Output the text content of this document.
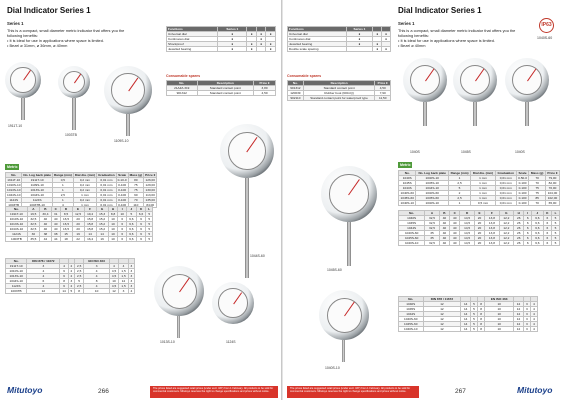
Dial Indicator Series 1
Series 1
This is a compact, small diameter metric indicator that offers you the following benefits:
• It is ideal for use in applications where space is limited.
• Bezel ø 31mm, ø 36mm, ø 40mm
1911T-10
1003TB
1109S-10
Functions	Series 1			
Universal dial	●	●	●	●
Continuous dial	●		●	
Shockproof	●	●	●	●
Jewelled bearing	●	●		●
Consumable spares
No.	Description	Price €
21AZA 319	Standard contact point	3,80
901312	Standard contact point	4,50
1044S-60
1013S-10	1124S
Metric
No.	No. Lug back plate	Range (mm)	Dial dia. (mm)	Graduation	Scale	Mass (g)	Price €
1911T-10	1911T-10	0,5	0,2 mm	0,01 mm	0-10-0	80	126,00
1010S-10	1109S-10	1	0,2 mm	0,01 mm	0-100	75	129,00
1013S-10	1013S-10	1	0,2 mm	0,01 mm	0-100	75	130,00
1044S-10	1044S-10	2,5	1 mm	0,01 mm	0-100	90	113,00
1124S	1124S	1	0,2 mm	0,01 mm	0-100	70	135,00
1003TB	1003TB-10	4	1 mm	0,01 mm	0-100	110	84,00
No.	A	B	C	D	E	F	G	H	I	J	K	L
1911T-10	19,5	30,4	31	8,5	12,5	19,4	15,3	8,8	10	5	6,6	5
1010S-10	32,5	40	40	16,5	20	15,8	15,2	10	6	6,6	6	5
1013S-10	32,5	40	40	16,5	20	15,8	15,2	10	6	6,6	6	5
1044S-10	32,5	40	40	16,5	20	15,8	15,2	10	6	6,6	6	5
1124S	30	38	38	15	19	14	14	10	6	6,6	6	5
1003TB	35,5	44	44	18	22	16,4	16	10	6	6,6	6	5
No.	DIN 878 / 11672				EN ISO 463			
1911T-10	3	4	2	2,5	3	4	4	3
1010S-10	4	6	2	2,5	4	4,5	1,5	3
1013S-10	4	6	2	2,5	4	4,5	1,5	3
1044S-10	6	8	3	5	8	10	12	3
1124S	4	6	2	2,5	4	4,5	1,5	3
1003TB	12	14	5	8	10	12	3	4
Mitutoyo	266	The prices listed are suggested retail prices (under excl. VAT) from 1 February. All products to be sold for commercial customers. Mitutoyo reserves the right to change specifications and prices without notice.
Functions	Series 1		
Universal dial	●	●	●
Continuous dial	●		●
Jewelled bearing	●	●	
Double scale spacing		●	●
Consumable spares
No.	Description	Price €
901312	Standard contact point	4,50
120039	Rubber boot (600-IQ)	7,90
902110	Standard contact point for waterproof type	11,50
Dial Indicator Series 1
IP63
1040S-60
Series 1
This is a compact, small diameter metric indicator that offers you the following benefits:
• It is ideal for use in applications where space is limited.
• Bezel ø 40mm
1040S	1045S	1040S
1045S-60
1040S-10
Metric
No.	No. Lug back plate	Range (mm)	Dial dia. (mm)	Graduation	Scale	Mass (g)	Price €
1040S	1040S-10	1	1 mm	0,01 mm	0-50-0	70	79,00
1045S	1045S-10	2,5	1 mm	0,01 mm	0-100	70	82,00
1044S	1044S-10	5	1 mm	0,01 mm	0-100	75	70,00
1040S-60	1040S-60	2	1 mm	0,01 mm	0-100	75	104,00
1045S-60	1045S-60	2,5	1 mm	0,01 mm	0-100	85	102,00
1040S-10	1040S-10	1	0,5 mm	0,01 mm	0-100	70	65,00
No.	A	B	C	D	E	F	G	H	I	J	K	L
1040S	32,5	40	40	14,5	20	13,8	12,2	26	6	6,6	6	5
1045S	32,5	40	40	14,5	20	13,8	12,2	26	6	6,6	6	5
1044S	32,5	40	40	14,5	20	13,8	12,2	26	6	6,6	6	5
1040S-60	35	40	40	14,5	20	13,8	12,2	26	6	6,6	6	5
1045S-60	35	40	40	14,5	20	13,8	12,2	26	6	6,6	6	5
1040S-10	32,5	40	40	14,5	20	13,8	12,2	26	6	6,6	6	5
No.	DIN 878 / 11672				EN ISO 463			
1040S	12	14	5	8	10	12	3	4
1045S	12	14	5	8	10	12	3	4
1044S	12	14	5	8	10	12	3	4
1040S-60	12	14	5	8	10	12	3	4
1045S-60	12	14	5	8	10	12	3	4
1040S-10	12	14	5	8	10	12	3	4
The prices listed are suggested retail prices (under excl. VAT) from 1 February. All products to be sold for commercial customers. Mitutoyo reserves the right to change specifications and prices without notice.	267	Mitutoyo
